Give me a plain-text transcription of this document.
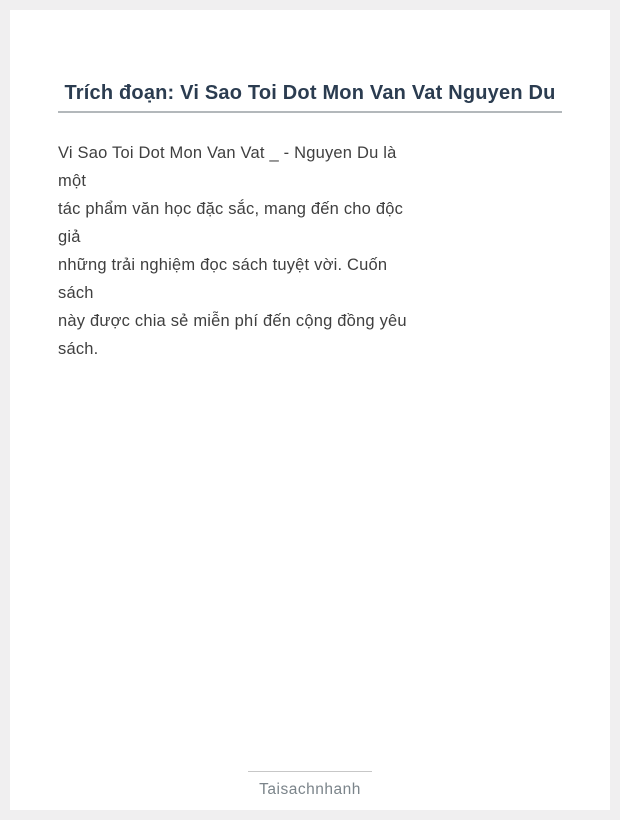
Trích đoạn: Vi Sao Toi Dot Mon Van Vat Nguyen Du
Vi Sao Toi Dot Mon Van Vat _ - Nguyen Du là
một
tác phẩm văn học đặc sắc, mang đến cho độc
giả
những trải nghiệm đọc sách tuyệt vời. Cuốn
sách
này được chia sẻ miễn phí đến cộng đồng yêu
sách.
Taisachnhanh
